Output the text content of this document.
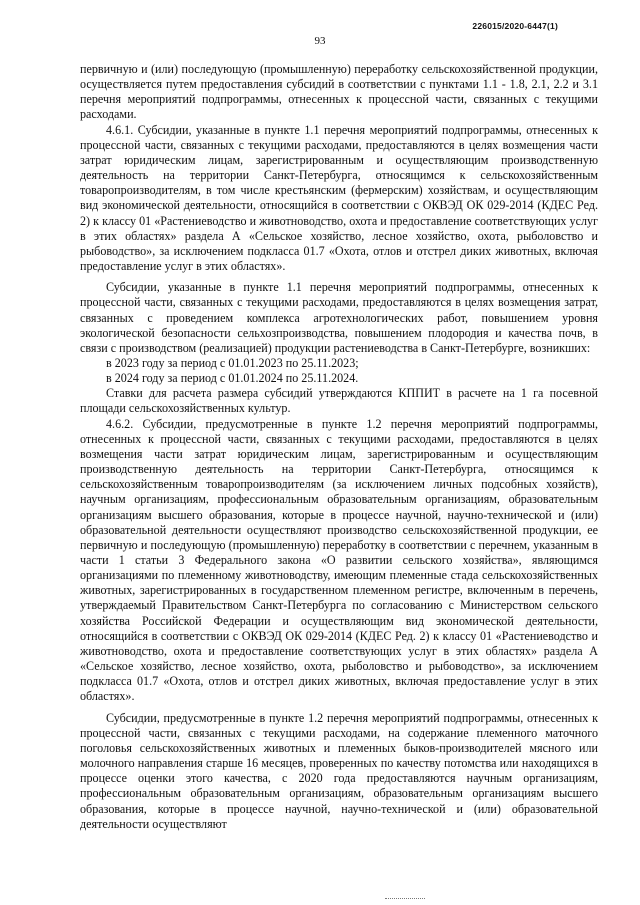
226015/2020-6447(1)
93

первичную и (или) последующую (промышленную) переработку сельскохозяйственной продукции, осуществляется путем предоставления субсидий в соответствии с пунктами 1.1 - 1.8, 2.1, 2.2 и 3.1 перечня мероприятий подпрограммы, отнесенных к процессной части, связанных с текущими расходами.

4.6.1. Субсидии, указанные в пункте 1.1 перечня мероприятий подпрограммы, отнесенных к процессной части, связанных с текущими расходами, предоставляются в целях возмещения части затрат юридическим лицам, зарегистрированным и осуществляющим производственную деятельность на территории Санкт-Петербурга, относящимся к сельскохозяйственным товаропроизводителям, в том числе крестьянским (фермерским) хозяйствам, и осуществляющим вид экономической деятельности, относящийся в соответствии с ОКВЭД ОК 029-2014 (КДЕС Ред. 2) к классу 01 «Растениеводство и животноводство, охота и предоставление соответствующих услуг в этих областях» раздела А «Сельское хозяйство, лесное хозяйство, охота, рыболовство и рыбоводство», за исключением подкласса 01.7 «Охота, отлов и отстрел диких животных, включая предоставление услуг в этих областях».

Субсидии, указанные в пункте 1.1 перечня мероприятий подпрограммы, отнесенных к процессной части, связанных с текущими расходами, предоставляются в целях возмещения затрат, связанных с проведением комплекса агротехнологических работ, повышением уровня экологической безопасности сельхозпроизводства, повышением плодородия и качества почв, в связи с производством (реализацией) продукции растениеводства в Санкт-Петербурге, возникших:

в 2023 году за период с 01.01.2023 по 25.11.2023;

в 2024 году за период с 01.01.2024 по 25.11.2024.

Ставки для расчета размера субсидий утверждаются КППИТ в расчете на 1 га посевной площади сельскохозяйственных культур.

4.6.2. Субсидии, предусмотренные в пункте 1.2 перечня мероприятий подпрограммы, отнесенных к процессной части, связанных с текущими расходами, предоставляются в целях возмещения части затрат юридическим лицам, зарегистрированным и осуществляющим производственную деятельность на территории Санкт-Петербурга, относящимся к сельскохозяйственным товаропроизводителям (за исключением личных подсобных хозяйств), научным организациям, профессиональным образовательным организациям, образовательным организациям высшего образования, которые в процессе научной, научно-технической и (или) образовательной деятельности осуществляют производство сельскохозяйственной продукции, ее первичную и последующую (промышленную) переработку в соответствии с перечнем, указанным в части 1 статьи 3 Федерального закона «О развитии сельского хозяйства», являющимся организациями по племенному животноводству, имеющим племенные стада сельскохозяйственных животных, зарегистрированных в государственном племенном регистре, включенным в перечень, утверждаемый Правительством Санкт-Петербурга по согласованию с Министерством сельского хозяйства Российской Федерации и осуществляющим вид экономической деятельности, относящийся в соответствии с ОКВЭД ОК 029-2014 (КДЕС Ред. 2) к классу 01 «Растениеводство и животноводство, охота и предоставление соответствующих услуг в этих областях» раздела А «Сельское хозяйство, лесное хозяйство, охота, рыболовство и рыбоводство», за исключением подкласса 01.7 «Охота, отлов и отстрел диких животных, включая предоставление услуг в этих областях».

Субсидии, предусмотренные в пункте 1.2 перечня мероприятий подпрограммы, отнесенных к процессной части, связанных с текущими расходами, на содержание племенного маточного поголовья сельскохозяйственных животных и племенных быков-производителей мясного или молочного направления старше 16 месяцев, проверенных по качеству потомства или находящихся в процессе оценки этого качества, с 2020 года предоставляются научным организациям, профессиональным образовательным организациям, образовательным организациям высшего образования, которые в процессе научной, научно-технической и (или) образовательной деятельности осуществляют
